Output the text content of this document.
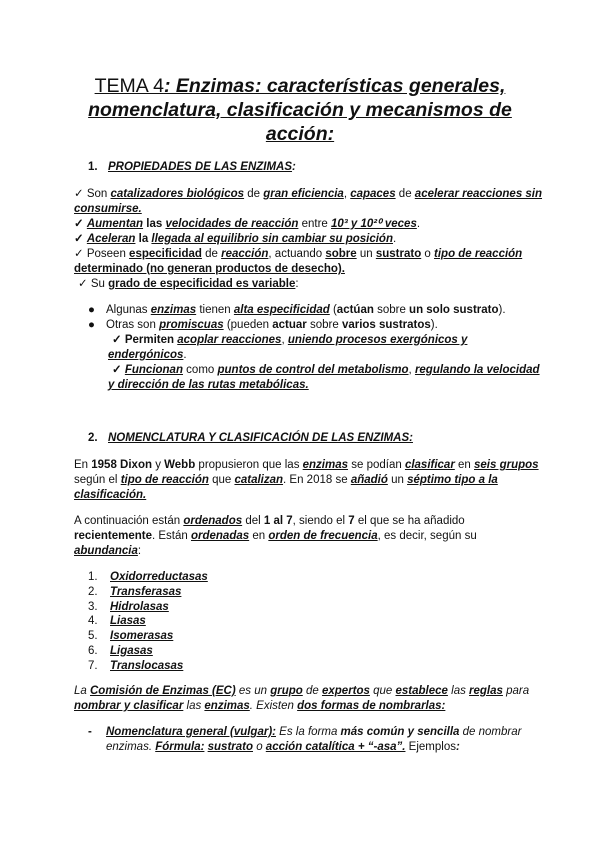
TEMA 4: Enzimas: características generales,
nomenclatura, clasificación y mecanismos de
acción:
1. PROPIEDADES DE LAS ENZIMAS:
✓ Son catalizadores biológicos de gran eficiencia, capaces de acelerar reacciones sin
consumirse.
✓ Aumentan las velocidades de reacción entre 10³ y 10²⁰ veces.
✓ Aceleran la llegada al equilibrio sin cambiar su posición.
✓ Poseen especificidad de reacción, actuando sobre un sustrato o tipo de reacción
determinado (no generan productos de desecho).
✓ Su grado de especificidad es variable:
● Algunas enzimas tienen alta especificidad (actúan sobre un solo sustrato).
● Otras son promiscuas (pueden actuar sobre varios sustratos).
✓ Permiten acoplar reacciones, uniendo procesos exergónicos y
endergónicos.
✓ Funcionan como puntos de control del metabolismo, regulando la velocidad
y dirección de las rutas metabólicas.
2. NOMENCLATURA Y CLASIFICACIÓN DE LAS ENZIMAS:
En 1958 Dixon y Webb propusieron que las enzimas se podían clasificar en seis grupos
según el tipo de reacción que catalizan. En 2018 se añadió un séptimo tipo a la
clasificación.
A continuación están ordenados del 1 al 7, siendo el 7 el que se ha añadido
recientemente. Están ordenadas en orden de frecuencia, es decir, según su
abundancia:
1. Oxidorreductasas
2. Transferasas
3. Hidrolasas
4. Liasas
5. Isomerasas
6. Ligasas
7. Translocasas
La Comisión de Enzimas (EC) es un grupo de expertos que establece las reglas para
nombrar y clasificar las enzimas. Existen dos formas de nombrarlas:
- Nomenclatura general (vulgar): Es la forma más común y sencilla de nombrar
enzimas. Fórmula: sustrato o acción catalítica + “-asa”. Ejemplos:
